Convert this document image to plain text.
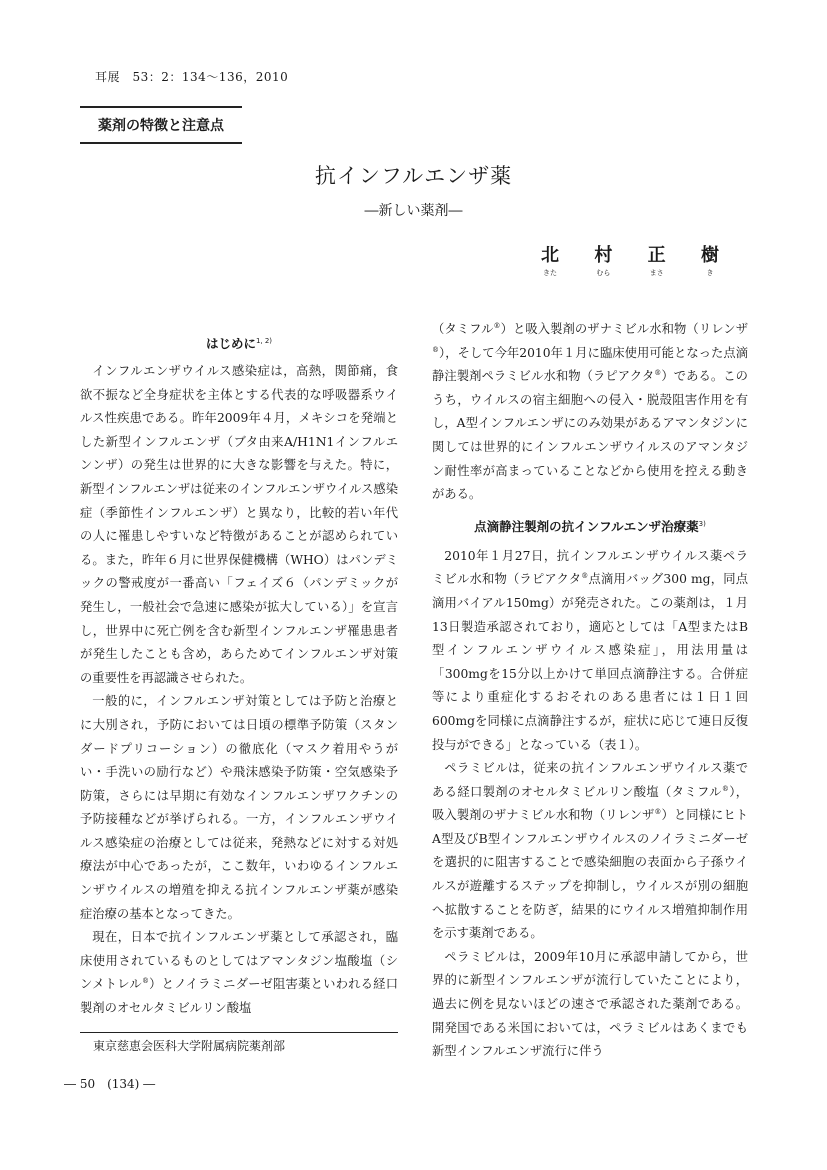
耳展　53：2：134〜136，2010
薬剤の特徴と注意点
抗インフルエンザ薬
―新しい薬剤―
北
きた
村
むら
正
まさ
樹
き
はじめに$^{1, 2)}$

インフルエンザウイルス感染症は，高熱，関節痛，食欲不振など全身症状を主体とする代表的な呼吸器系ウイルス性疾患である。昨年2009年４月，メキシコを発端とした新型インフルエンザ（ブタ由来A/H1N1インフルエンンザ）の発生は世界的に大きな影響を与えた。特に，新型インフルエンザは従来のインフルエンザウイルス感染症（季節性インフルエンザ）と異なり，比較的若い年代の人に罹患しやすいなど特徴があることが認められている。また，昨年６月に世界保健機構（WHO）はパンデミックの警戒度が一番高い「フェイズ６（パンデミックが発生し，一般社会で急速に感染が拡大している）」を宣言し，世界中に死亡例を含む新型インフルエンザ罹患患者が発生したことも含め，あらためてインフルエンザ対策の重要性を再認識させられた。

一般的に，インフルエンザ対策としては予防と治療とに大別され，予防においては日頃の標準予防策（スタンダードプリコーション）の徹底化（マスク着用やうがい・手洗いの励行など）や飛沫感染予防策・空気感染予防策，さらには早期に有効なインフルエンザワクチンの予防接種などが挙げられる。一方，インフルエンザウイルス感染症の治療としては従来，発熱などに対する対処療法が中心であったが，ここ数年，いわゆるインフルエンザウイルスの増殖を抑える抗インフルエンザ薬が感染症治療の基本となってきた。

現在，日本で抗インフルエンザ薬として承認され，臨床使用されているものとしてはアマンタジン塩酸塩（シンメトレル®）とノイラミニダーゼ阻害薬といわれる経口製剤のオセルタミビルリン酸塩

（タミフル®）と吸入製剤のザナミビル水和物（リレンザ®），そして今年2010年１月に臨床使用可能となった点滴静注製剤ペラミビル水和物（ラピアクタ®）である。このうち，ウイルスの宿主細胞への侵入・脱殻阻害作用を有し，A型インフルエンザにのみ効果があるアマンタジンに関しては世界的にインフルエンザウイルスのアマンタジン耐性率が高まっていることなどから使用を控える動きがある。

点滴静注製剤の抗インフルエンザ治療薬$^{3)}$

2010年１月27日，抗インフルエンザウイルス薬ペラミビル水和物（ラピアクタ®点滴用バッグ300 mg，同点滴用バイアル150mg）が発売された。この薬剤は，１月13日製造承認されており，適応としては「A型またはB型インフルエンザウイルス感染症」，用法用量は「300mgを15分以上かけて単回点滴静注する。合併症等により重症化するおそれのある患者には１日１回600mgを同様に点滴静注するが，症状に応じて連日反復投与ができる」となっている（表１）。

ペラミビルは，従来の抗インフルエンザウイルス薬である経口製剤のオセルタミビルリン酸塩（タミフル®），吸入製剤のザナミビル水和物（リレンザ®）と同様にヒトA型及びB型インフルエンザウイルスのノイラミニダーゼを選択的に阻害することで感染細胞の表面から子孫ウイルスが遊離するステップを抑制し，ウイルスが別の細胞へ拡散することを防ぎ，結果的にウイルス増殖抑制作用を示す薬剤である。

ペラミビルは，2009年10月に承認申請してから，世界的に新型インフルエンザが流行していたことにより，過去に例を見ないほどの速さで承認された薬剤である。開発国である米国においては，ペラミビルはあくまでも新型インフルエンザ流行に伴う

東京慈恵会医科大学附属病院薬剤部
― 50　(134) ―
